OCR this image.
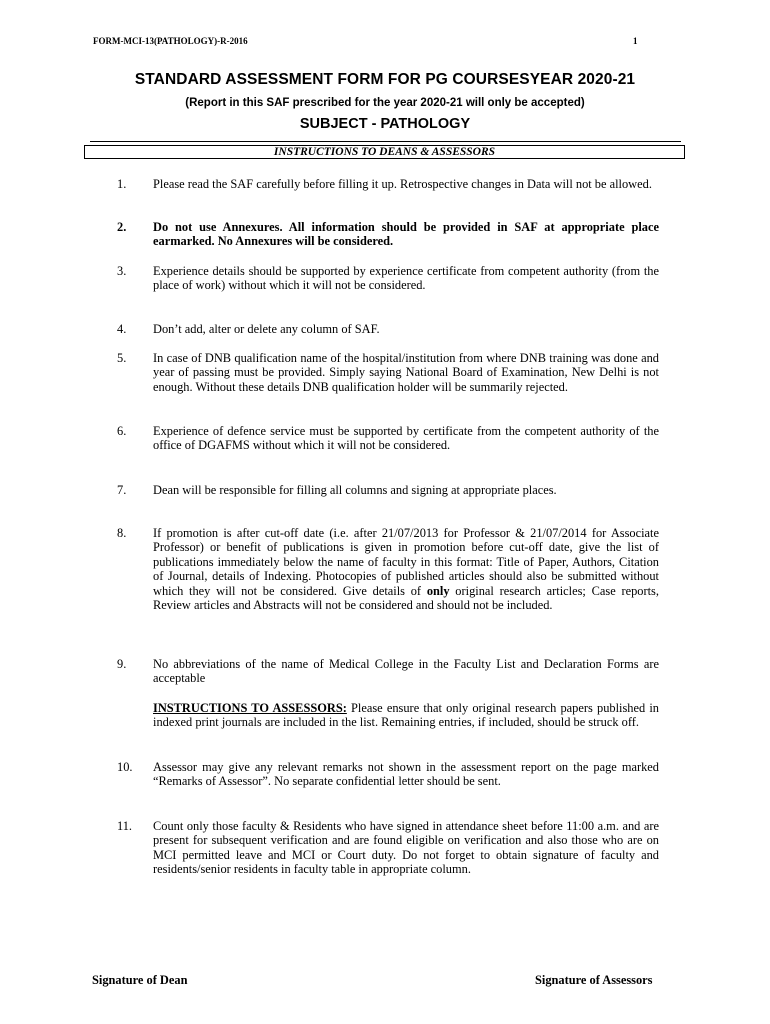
FORM-MCI-13(PATHOLOGY)-R-2016	1
STANDARD ASSESSMENT FORM FOR PG COURSESYEAR 2020-21
(Report in this SAF prescribed for the year 2020-21 will only be accepted)
SUBJECT - PATHOLOGY
INSTRUCTIONS TO DEANS & ASSESSORS
1.	Please read the SAF carefully before filling it up. Retrospective changes in Data will not be allowed.
2.	Do not use Annexures. All information should be provided in SAF at appropriate place earmarked. No Annexures will be considered.
3.	Experience details should be supported by experience certificate from competent authority (from the place of work) without which it will not be considered.
4.	Don’t add, alter or delete any column of SAF.
5.	In case of DNB qualification name of the hospital/institution from where DNB training was done and year of passing must be provided. Simply saying National Board of Examination, New Delhi is not enough. Without these details DNB qualification holder will be summarily rejected.
6.	Experience of defence service must be supported by certificate from the competent authority of the office of DGAFMS without which it will not be considered.
7.	Dean will be responsible for filling all columns and signing at appropriate places.
8.	If promotion is after cut-off date (i.e. after 21/07/2013 for Professor & 21/07/2014 for Associate Professor) or benefit of publications is given in promotion before cut-off date, give the list of publications immediately below the name of faculty in this format: Title of Paper, Authors, Citation of Journal, details of Indexing. Photocopies of published articles should also be submitted without which they will not be considered. Give details of only original research articles; Case reports, Review articles and Abstracts will not be considered and should not be included.
9.	No abbreviations of the name of Medical College in the Faculty List and Declaration Forms are acceptable
INSTRUCTIONS TO ASSESSORS: Please ensure that only original research papers published in indexed print journals are included in the list. Remaining entries, if included, should be struck off.
10.	Assessor may give any relevant remarks not shown in the assessment report on the page marked “Remarks of Assessor”. No separate confidential letter should be sent.
11.	Count only those faculty & Residents who have signed in attendance sheet before 11:00 a.m. and are present for subsequent verification and are found eligible on verification and also those who are on MCI permitted leave and MCI or Court duty. Do not forget to obtain signature of faculty and residents/senior residents in faculty table in appropriate column.
Signature of Dean	Signature of Assessors
